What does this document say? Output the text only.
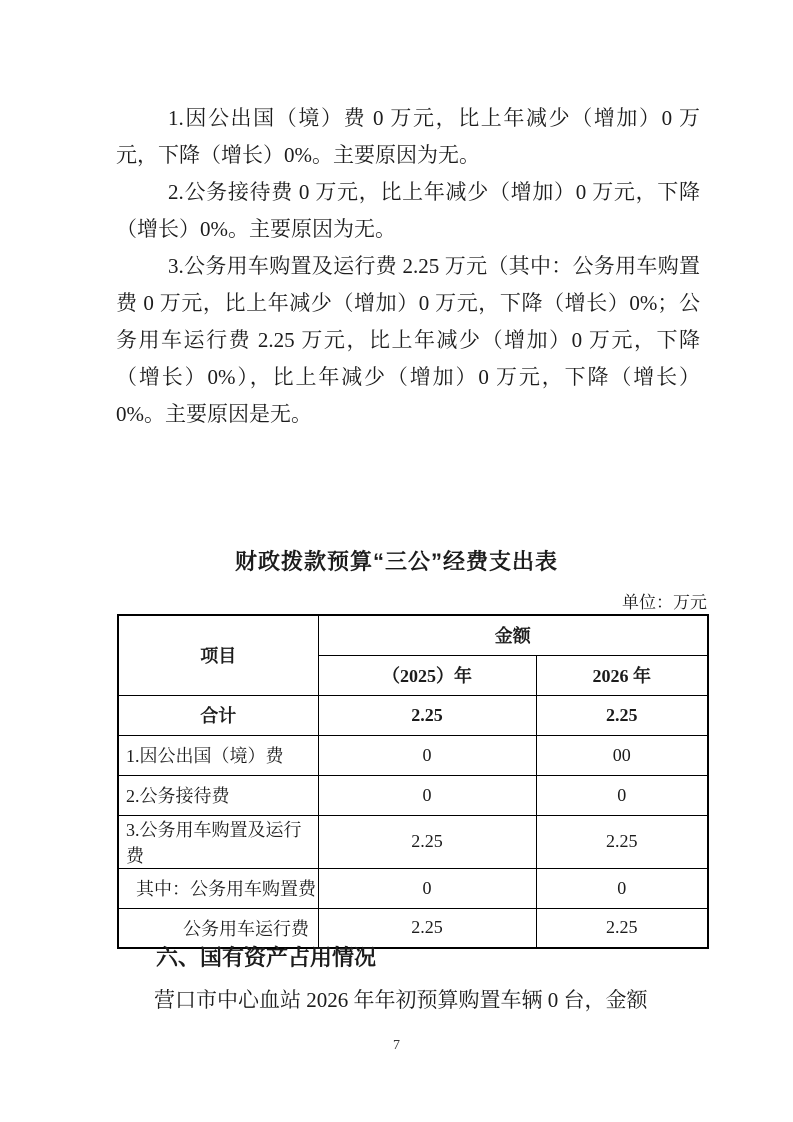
1.因公出国（境）费 0 万元，比上年减少（增加）0 万元，下降（增长）0%。主要原因为无。

2.公务接待费 0 万元，比上年减少（增加）0 万元，下降（增长）0%。主要原因为无。

3.公务用车购置及运行费 2.25 万元（其中：公务用车购置费 0 万元，比上年减少（增加）0 万元，下降（增长）0%；公务用车运行费 2.25 万元，比上年减少（增加）0 万元，下降（增长）0%），比上年减少（增加）0 万元，下降（增长）0%。主要原因是无。

财政拨款预算“三公”经费支出表
单位：万元
项目	金额	
	（2025）年	2026 年
合计	2.25	2.25
1.因公出国（境）费	0	00
2.公务接待费	0	0
3.公务用车购置及运行费	2.25	2.25
其中：公务用车购置费	0	0
公务用车运行费	2.25	2.25
六、国有资产占用情况
营口市中心血站 2026 年年初预算购置车辆 0 台，金额
7
